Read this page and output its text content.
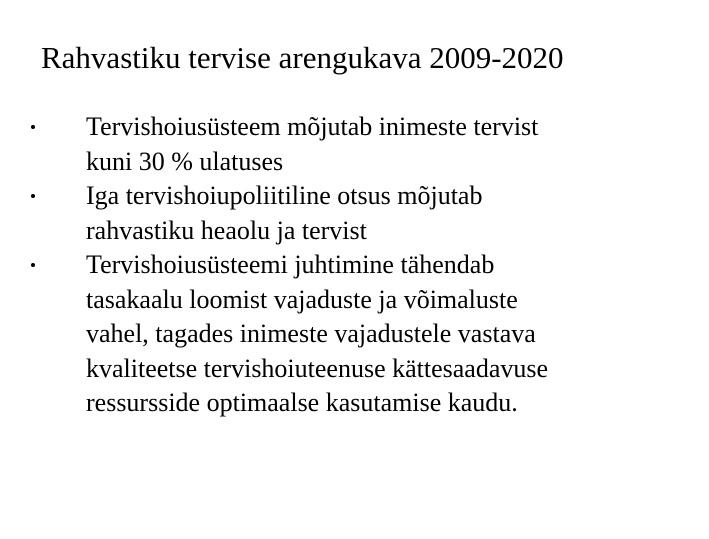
Rahvastiku tervise arengukava 2009-2020
Tervishoiusüsteem mõjutab inimeste tervist
kuni 30 % ulatuses
Iga tervishoiupoliitiline otsus mõjutab
rahvastiku heaolu ja tervist
Tervishoiusüsteemi juhtimine tähendab
tasakaalu loomist vajaduste ja võimaluste
vahel, tagades inimeste vajadustele vastava
kvaliteetse tervishoiuteenuse kättesaadavuse
ressursside optimaalse kasutamise kaudu.
